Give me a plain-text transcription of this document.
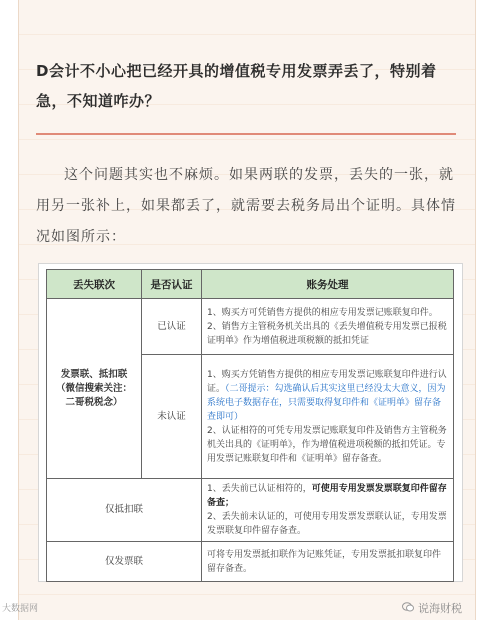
D会计不小心把已经开具的增值税专用发票弄丢了，特别着急，不知道咋办？
这个问题其实也不麻烦。如果两联的发票，丢失的一张，就用另一张补上，如果都丢了，就需要去税务局出个证明。具体情况如图所示：
丢失联次	是否认证	账务处理
发票联、抵扣联（微信搜索关注：二哥税税念）	已认证	1、购买方可凭销售方提供的相应专用发票记账联复印件。 2、销售方主管税务机关出具的《丢失增值税专用发票已报税证明单》作为增值税进项税额的抵扣凭证
	未认证	1、购买方凭销售方提供的相应专用发票记账联复印件进行认证。（二哥提示：勾选确认后其实这里已经没太大意义，因为系统电子数据存在，只需要取得复印件和《证明单》留存备查即可）
2、认证相符的可凭专用发票记账联复印件及销售方主管税务机关出具的《证明单》，作为增值税进项税额的抵扣凭证。专用发票记账联复印件和《证明单》留存备查。
仅抵扣联		1、丢失前已认证相符的，可使用专用发票发票联复印件留存备查；
2、丢失前未认证的，可使用专用发票发票联认证，专用发票发票联复印件留存备查。
仅发票联		可将专用发票抵扣联作为记账凭证，专用发票抵扣联复印件留存备查。
大数据网	说海财税
